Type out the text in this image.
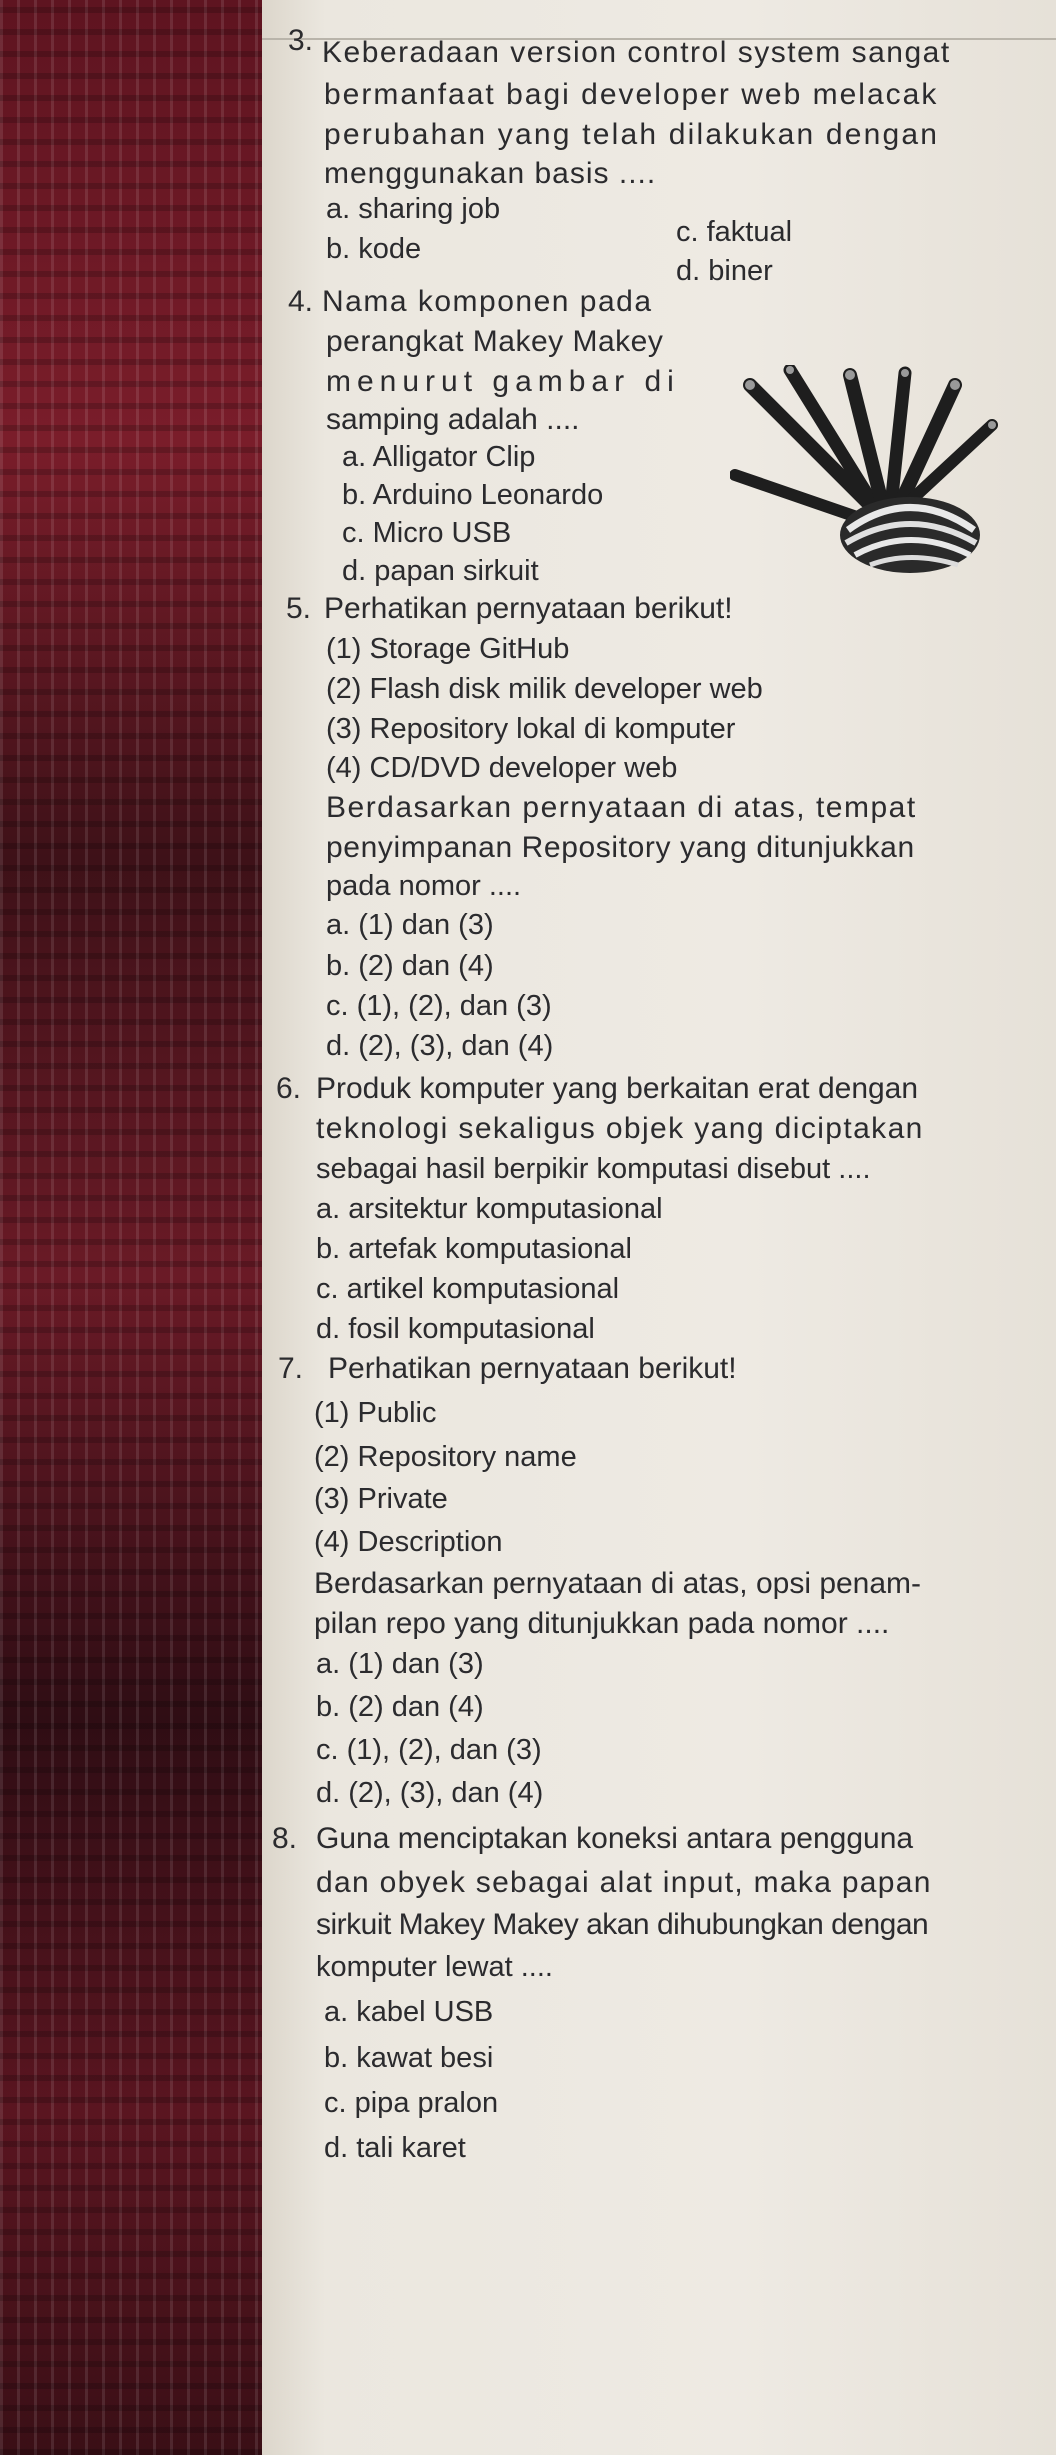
3. Keberadaan version control system sangat
bermanfaat bagi developer web melacak
perubahan yang telah dilakukan dengan
menggunakan basis ....
a. sharing job
c. faktual
b. kode
d. biner
4. Nama komponen pada
perangkat Makey Makey
menurut gambar di
samping adalah ....
a. Alligator Clip
b. Arduino Leonardo
c. Micro USB
d. papan sirkuit
5. Perhatikan pernyataan berikut!
(1) Storage GitHub
(2) Flash disk milik developer web
(3) Repository lokal di komputer
(4) CD/DVD developer web
Berdasarkan pernyataan di atas, tempat
penyimpanan Repository yang ditunjukkan
pada nomor ....
a. (1) dan (3)
b. (2) dan (4)
c. (1), (2), dan (3)
d. (2), (3), dan (4)
6. Produk komputer yang berkaitan erat dengan
teknologi sekaligus objek yang diciptakan
sebagai hasil berpikir komputasi disebut ....
a. arsitektur komputasional
b. artefak komputasional
c. artikel komputasional
d. fosil komputasional
7. Perhatikan pernyataan berikut!
(1) Public
(2) Repository name
(3) Private
(4) Description
Berdasarkan pernyataan di atas, opsi penam-
pilan repo yang ditunjukkan pada nomor ....
a. (1) dan (3)
b. (2) dan (4)
c. (1), (2), dan (3)
d. (2), (3), dan (4)
8. Guna menciptakan koneksi antara pengguna
dan obyek sebagai alat input, maka papan
sirkuit Makey Makey akan dihubungkan dengan
komputer lewat ....
a. kabel USB
b. kawat besi
c. pipa pralon
d. tali karet
